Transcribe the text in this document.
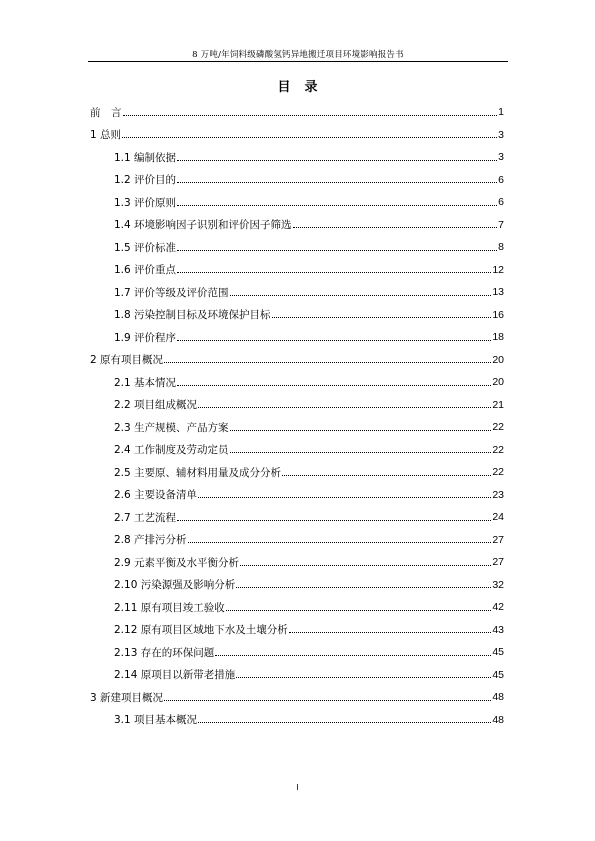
8 万吨/年饲料级磷酸氢钙异地搬迁项目环境影响报告书
目录
前　言	1
1 总则	3
1.1 编制依据	3
1.2 评价目的	6
1.3 评价原则	6
1.4 环境影响因子识别和评价因子筛选	7
1.5 评价标准	8
1.6 评价重点	12
1.7 评价等级及评价范围	13
1.8 污染控制目标及环境保护目标	16
1.9 评价程序	18
2 原有项目概况	20
2.1 基本情况	20
2.2 项目组成概况	21
2.3 生产规模、产品方案	22
2.4 工作制度及劳动定员	22
2.5 主要原、辅材料用量及成分分析	22
2.6 主要设备清单	23
2.7 工艺流程	24
2.8 产排污分析	27
2.9 元素平衡及水平衡分析	27
2.10 污染源强及影响分析	32
2.11 原有项目竣工验收	42
2.12 原有项目区域地下水及土壤分析	43
2.13 存在的环保问题	45
2.14 原项目以新带老措施	45
3 新建项目概况	48
3.1 项目基本概况	48
I
